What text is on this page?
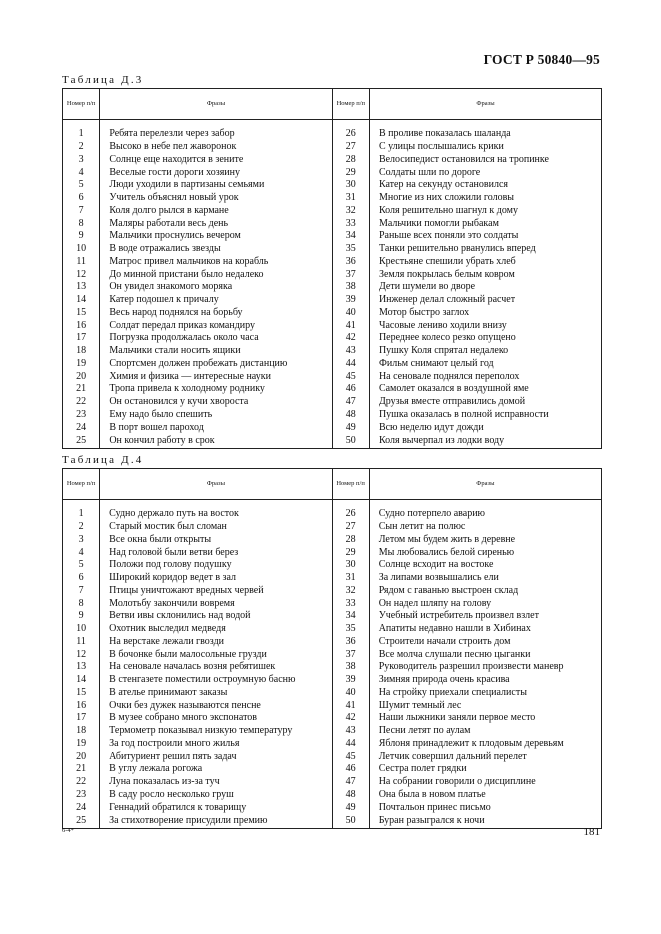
ГОСТ Р 50840—95
Таблица Д.3
Номер п/п	Фразы	Номер п/п	Фразы

1	Ребята перелезли через забор	26	В проливе показалась шаланда
2	Высоко в небе пел жаворонок	27	С улицы послышались крики
3	Солнце еще находится в зените	28	Велосипедист остановился на тропинке
4	Веселые гости дороги хозяину	29	Солдаты шли по дороге
5	Люди уходили в партизаны семьями	30	Катер на секунду остановился
6	Учитель объяснял новый урок	31	Многие из них сложили головы
7	Коля долго рылся в кармане	32	Коля решительно шагнул к дому
8	Маляры работали весь день	33	Мальчики помогли рыбакам
9	Мальчики проснулись вечером	34	Раньше всех поняли это солдаты
10	В воде отражались звезды	35	Танки решительно рванулись вперед
11	Матрос привел мальчиков на корабль	36	Крестьяне спешили убрать хлеб
12	До минной пристани было недалеко	37	Земля покрылась белым ковром
13	Он увидел знакомого моряка	38	Дети шумели во дворе
14	Катер подошел к причалу	39	Инженер делал сложный расчет
15	Весь народ поднялся на борьбу	40	Мотор быстро заглох
16	Солдат передал приказ командиру	41	Часовые лениво ходили внизу
17	Погрузка продолжалась около часа	42	Переднее колесо резко опущено
18	Мальчики стали носить ящики	43	Пушку Коля спрятал недалеко
19	Спортсмен должен пробежать дистанцию	44	Фильм снимают целый год
20	Химия и физика — интересные науки	45	На сеновале поднялся переполох
21	Тропа привела к холодному роднику	46	Самолет оказался в воздушной яме
22	Он остановился у кучи хвороста	47	Друзья вместе отправились домой
23	Ему надо было спешить	48	Пушка оказалась в полной исправности
24	В порт вошел пароход	49	Всю неделю идут дожди
25	Он кончил работу в срок	50	Коля вычерпал из лодки воду
Таблица Д.4
Номер п/п	Фразы	Номер п/п	Фразы

1	Судно держало путь на восток	26	Судно потерпело аварию
2	Старый мостик был сломан	27	Сын летит на полюс
3	Все окна были открыты	28	Летом мы будем жить в деревне
4	Над головой были ветви берез	29	Мы любовались белой сиренью
5	Положи под голову подушку	30	Солнце всходит на востоке
6	Широкий коридор ведет в зал	31	За липами возвышались ели
7	Птицы уничтожают вредных червей	32	Рядом с гаванью выстроен склад
8	Молотьбу закончили вовремя	33	Он надел шляпу на голову
9	Ветви ивы склонились над водой	34	Учебный истребитель произвел взлет
10	Охотник выследил медведя	35	Апатиты недавно нашли в Хибинах
11	На верстаке лежали гвозди	36	Строители начали строить дом
12	В бочонке были малосольные грузди	37	Все молча слушали песню цыганки
13	На сеновале началась возня ребятишек	38	Руководитель разрешил произвести маневр
14	В стенгазете поместили остроумную басню	39	Зимняя природа очень красива
15	В ателье принимают заказы	40	На стройку приехали специалисты
16	Очки без дужек называются пенсне	41	Шумит темный лес
17	В музее собрано много экспонатов	42	Наши лыжники заняли первое место
18	Термометр показывал низкую температуру	43	Песни летят по аулам
19	За год построили много жилья	44	Яблоня принадлежит к плодовым деревьям
20	Абитуриент решил пять задач	45	Летчик совершил дальний перелет
21	В углу лежала рогожа	46	Сестра полет грядки
22	Луна показалась из-за туч	47	На собрании говорили о дисциплине
23	В саду росло несколько груш	48	Она была в новом платье
24	Геннадий обратился к товарищу	49	Почтальон принес письмо
25	За стихотворение присудили премию	50	Буран разыгрался к ночи
6-4*	181
